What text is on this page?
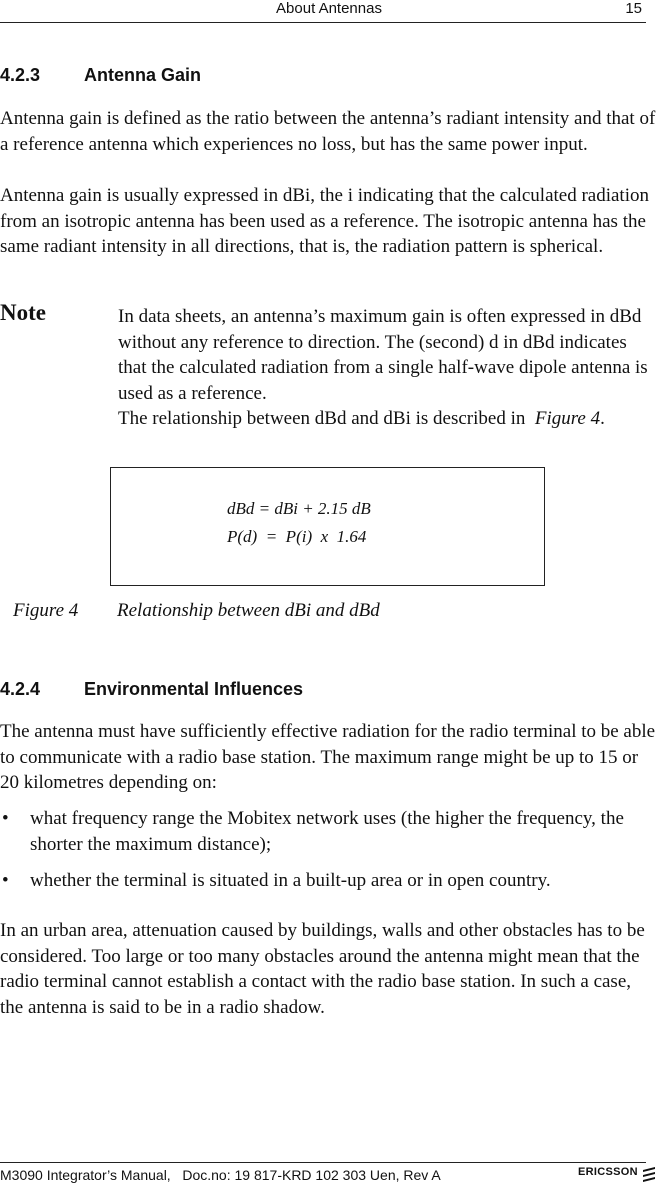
About Antennas	15
4.2.3 Antenna Gain

Antenna gain is defined as the ratio between the antenna’s radiant intensity and that of a reference antenna which experiences no loss, but has the same power input.

Antenna gain is usually expressed in dBi, the i indicating that the calculated radiation from an isotropic antenna has been used as a reference. The isotropic antenna has the same radiant intensity in all directions, that is, the radiation pattern is spherical.

Note	In data sheets, an antenna’s maximum gain is often expressed in dBd without any reference to direction. The (second) d in dBd indicates that the calculated radiation from a single half-wave dipole antenna is used as a reference.
The relationship between dBd and dBi is described in Figure 4.

dBd = dBi + 2.15 dB
P(d)  =  P(i)  x  1.64
Figure 4 Relationship between dBi and dBd
4.2.4 Environmental Influences

The antenna must have sufficiently effective radiation for the radio terminal to be able to communicate with a radio base station. The maximum range might be up to 15 or 20 kilometres depending on:

• what frequency range the Mobitex network uses (the higher the frequency, the shorter the maximum distance);
• whether the terminal is situated in a built-up area or in open country.

In an urban area, attenuation caused by buildings, walls and other obstacles has to be considered. Too large or too many obstacles around the antenna might mean that the radio terminal cannot establish a contact with the radio base station. In such a case, the antenna is said to be in a radio shadow.

M3090 Integrator’s Manual,   Doc.no: 19 817-KRD 102 303 Uen, Rev A	ERICSSON
